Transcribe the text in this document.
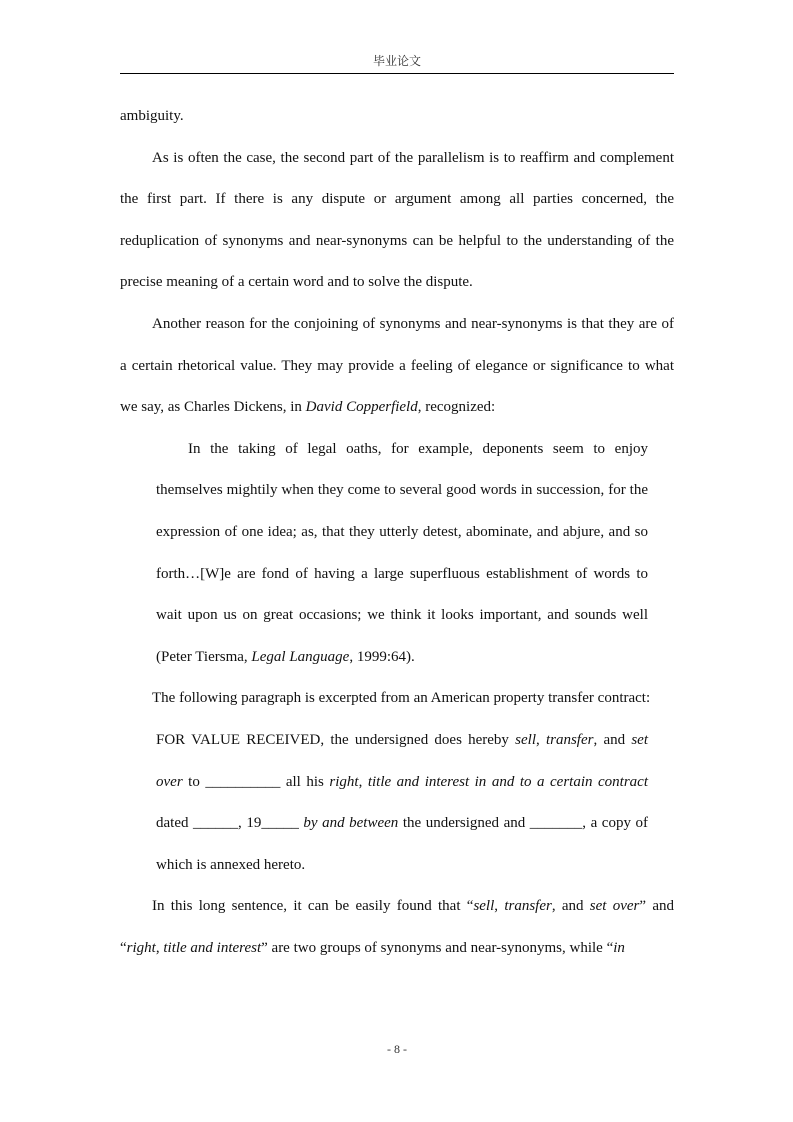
毕业论文

ambiguity.

As is often the case, the second part of the parallelism is to reaffirm and complement the first part. If there is any dispute or argument among all parties concerned, the reduplication of synonyms and near-synonyms can be helpful to the understanding of the precise meaning of a certain word and to solve the dispute.

Another reason for the conjoining of synonyms and near-synonyms is that they are of a certain rhetorical value. They may provide a feeling of elegance or significance to what we say, as Charles Dickens, in David Copperfield, recognized:

In the taking of legal oaths, for example, deponents seem to enjoy themselves mightily when they come to several good words in succession, for the expression of one idea; as, that they utterly detest, abominate, and abjure, and so forth…[W]e are fond of having a large superfluous establishment of words to wait upon us on great occasions; we think it looks important, and sounds well (Peter Tiersma, Legal Language, 1999:64).

The following paragraph is excerpted from an American property transfer contract:

FOR VALUE RECEIVED, the undersigned does hereby sell, transfer, and set over to __________ all his right, title and interest in and to a certain contract dated ______, 19_____ by and between the undersigned and _______, a copy of which is annexed hereto.

In this long sentence, it can be easily found that “sell, transfer, and set over” and “right, title and interest” are two groups of synonyms and near-synonyms, while “in

- 8 -
